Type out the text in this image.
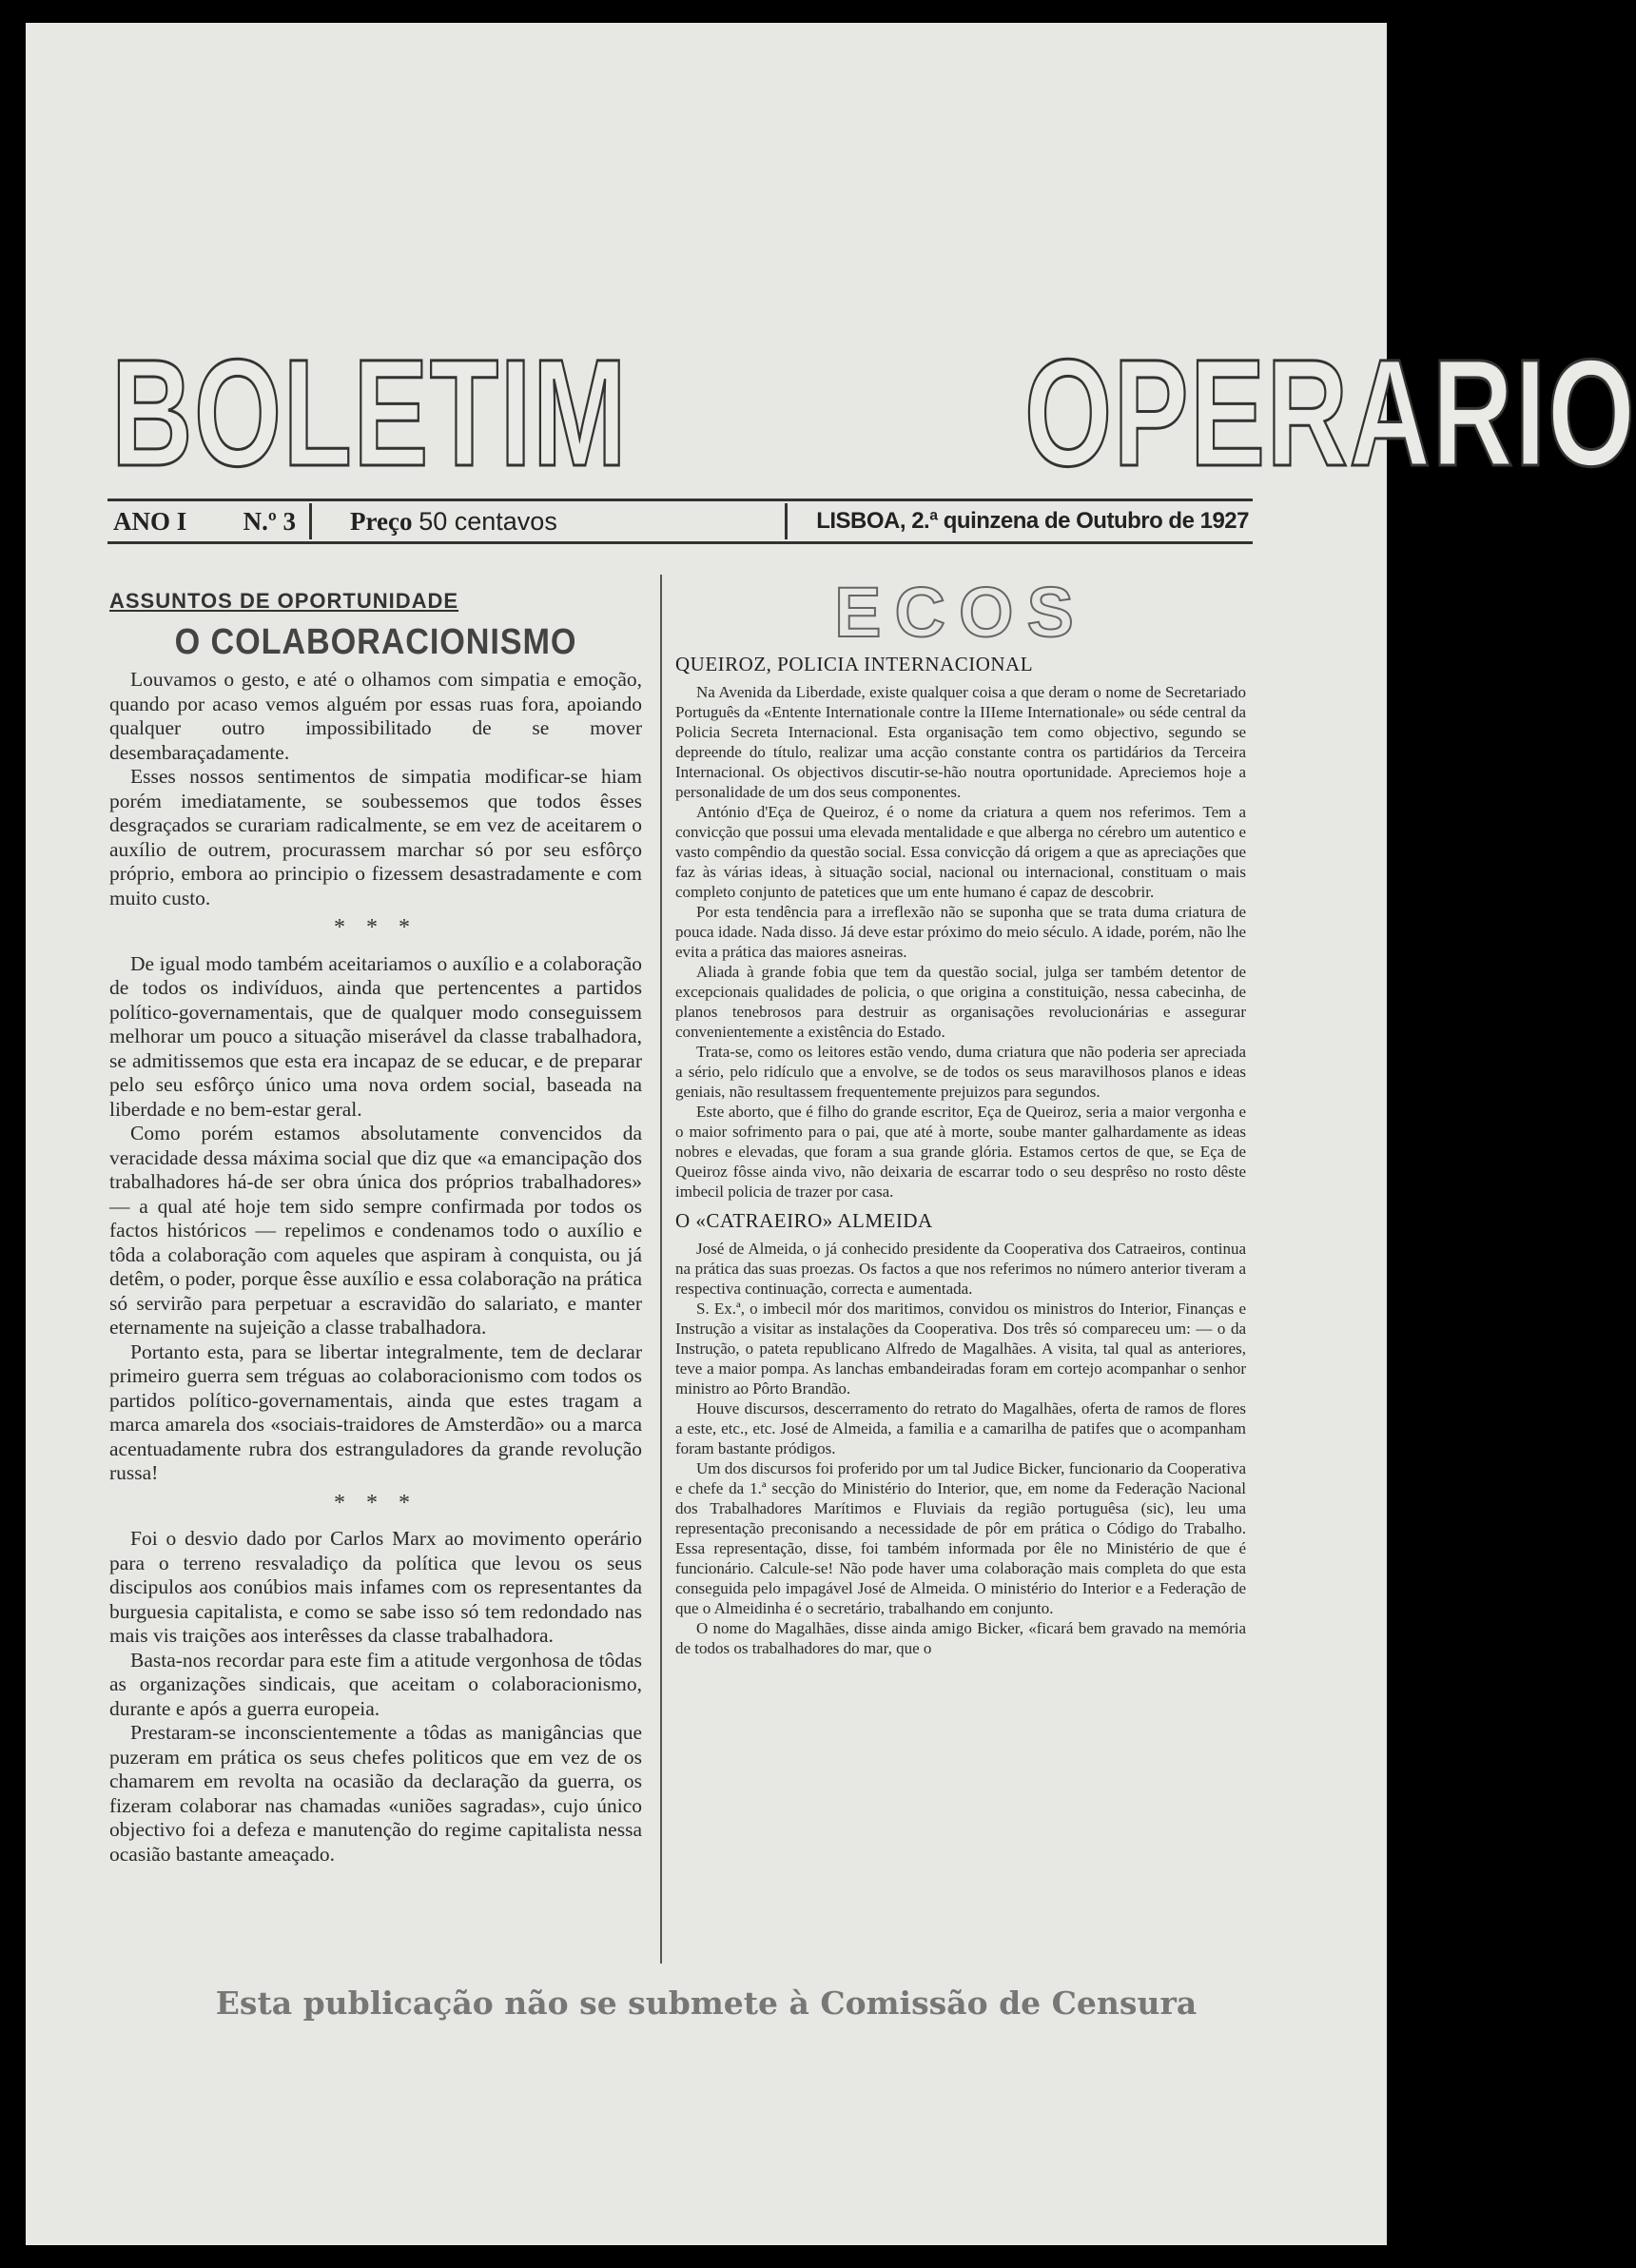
BOLETIM	OPERARIO
ANO I N.º 3 Preço
50 centavos	LISBOA, 2.ª quinzena de Outubro de 1927
ASSUNTOS DE OPORTUNIDADE
O COLABORACIONISMO

Louvamos o gesto, e até o olhamos com simpatia e emoção, quando por acaso vemos alguém por essas ruas fora, apoiando qualquer outro impossibilitado de se mover desembaraçadamente.

Esses nossos sentimentos de simpatia modificar-se hiam porém imediatamente, se soubessemos que todos êsses desgraçados se curariam radicalmente, se em vez de aceitarem o auxílio de outrem, procurassem marchar só por seu esfôrço próprio, embora ao principio o fizessem desastradamente e com muito custo.

* * *

De igual modo também aceitariamos o auxílio e a colaboração de todos os indivíduos, ainda que pertencentes a partidos político-governamentais, que de qualquer modo conseguissem melhorar um pouco a situação miserável da classe trabalhadora, se admitissemos que esta era incapaz de se educar, e de preparar pelo seu esfôrço único uma nova ordem social, baseada na liberdade e no bem-estar geral.

Como porém estamos absolutamente convencidos da veracidade dessa máxima social que diz que «a emancipação dos trabalhadores há-de ser obra única dos próprios trabalhadores» — a qual até hoje tem sido sempre confirmada por todos os factos históricos — repelimos e condenamos todo o auxílio e tôda a colaboração com aqueles que aspiram à conquista, ou já detêm, o poder, porque êsse auxílio e essa colaboração na prática só servirão para perpetuar a escravidão do salariato, e manter eternamente na sujeição a classe trabalhadora.

Portanto esta, para se libertar integralmente, tem de declarar primeiro guerra sem tréguas ao colaboracionismo com todos os partidos político-governamentais, ainda que estes tragam a marca amarela dos «sociais-traidores de Amsterdão» ou a marca acentuadamente rubra dos estranguladores da grande revolução russa!

* * *

Foi o desvio dado por Carlos Marx ao movimento operário para o terreno resvaladiço da política que levou os seus discipulos aos conúbios mais infames com os representantes da burguesia capitalista, e como se sabe isso só tem redondado nas mais vis traições aos interêsses da classe trabalhadora.

Basta-nos recordar para este fim a atitude vergonhosa de tôdas as organizações sindicais, que aceitam o colaboracionismo, durante e após a guerra europeia.

Prestaram-se inconscientemente a tôdas as manigâncias que puzeram em prática os seus chefes politicos que em vez de os chamarem em revolta na ocasião da declaração da guerra, os fizeram colaborar nas chamadas «uniões sagradas», cujo único objectivo foi a defeza e manutenção do regime capitalista nessa ocasião bastante ameaçado.

ECOS
QUEIROZ, POLICIA INTERNACIONAL

Na Avenida da Liberdade, existe qualquer coisa a que deram o nome de Secretariado Português da «Entente Internationale contre la IIIeme Internationale» ou séde central da Policia Secreta Internacional. Esta organisação tem como objectivo, segundo se depreende do título, realizar uma acção constante contra os partidários da Terceira Internacional. Os objectivos discutir-se-hão noutra oportunidade. Apreciemos hoje a personalidade de um dos seus componentes.

António d'Eça de Queiroz, é o nome da criatura a quem nos referimos. Tem a convicção que possui uma elevada mentalidade e que alberga no cérebro um autentico e vasto compêndio da questão social. Essa convicção dá origem a que as apreciações que faz às várias ideas, à situação social, nacional ou internacional, constituam o mais completo conjunto de patetices que um ente humano é capaz de descobrir.

Por esta tendência para a irreflexão não se suponha que se trata duma criatura de pouca idade. Nada disso. Já deve estar próximo do meio século. A idade, porém, não lhe evita a prática das maiores asneiras.

Aliada à grande fobia que tem da questão social, julga ser também detentor de excepcionais qualidades de policia, o que origina a constituição, nessa cabecinha, de planos tenebrosos para destruir as organisações revolucionárias e assegurar convenientemente a existência do Estado.

Trata-se, como os leitores estão vendo, duma criatura que não poderia ser apreciada a sério, pelo ridículo que a envolve, se de todos os seus maravilhosos planos e ideas geniais, não resultassem frequentemente prejuizos para segundos.

Este aborto, que é filho do grande escritor, Eça de Queiroz, seria a maior vergonha e o maior sofrimento para o pai, que até à morte, soube manter galhardamente as ideas nobres e elevadas, que foram a sua grande glória. Estamos certos de que, se Eça de Queiroz fôsse ainda vivo, não deixaria de escarrar todo o seu desprêso no rosto dêste imbecil policia de trazer por casa.

O «CATRAEIRO» ALMEIDA

José de Almeida, o já conhecido presidente da Cooperativa dos Catraeiros, continua na prática das suas proezas. Os factos a que nos referimos no número anterior tiveram a respectiva continuação, correcta e aumentada.

S. Ex.ª, o imbecil mór dos maritimos, convidou os ministros do Interior, Finanças e Instrução a visitar as instalações da Cooperativa. Dos três só compareceu um: — o da Instrução, o pateta republicano Alfredo de Magalhães. A visita, tal qual as anteriores, teve a maior pompa. As lanchas embandeiradas foram em cortejo acompanhar o senhor ministro ao Pôrto Brandão.

Houve discursos, descerramento do retrato do Magalhães, oferta de ramos de flores a este, etc., etc. José de Almeida, a familia e a camarilha de patifes que o acompanham foram bastante pródigos.

Um dos discursos foi proferido por um tal Judice Bicker, funcionario da Cooperativa e chefe da 1.ª secção do Ministério do Interior, que, em nome da Federação Nacional dos Trabalhadores Marítimos e Fluviais da região portuguêsa (sic), leu uma representação preconisando a necessidade de pôr em prática o Código do Trabalho. Essa representação, disse, foi também informada por êle no Ministério de que é funcionário. Calcule-se! Não pode haver uma colaboração mais completa do que esta conseguida pelo impagável José de Almeida. O ministério do Interior e a Federação de que o Almeidinha é o secretário, trabalhando em conjunto.

O nome do Magalhães, disse ainda amigo Bicker, «ficará bem gravado na memória de todos os trabalhadores do mar, que o

Esta publicação não se submete à Comissão de Censura
